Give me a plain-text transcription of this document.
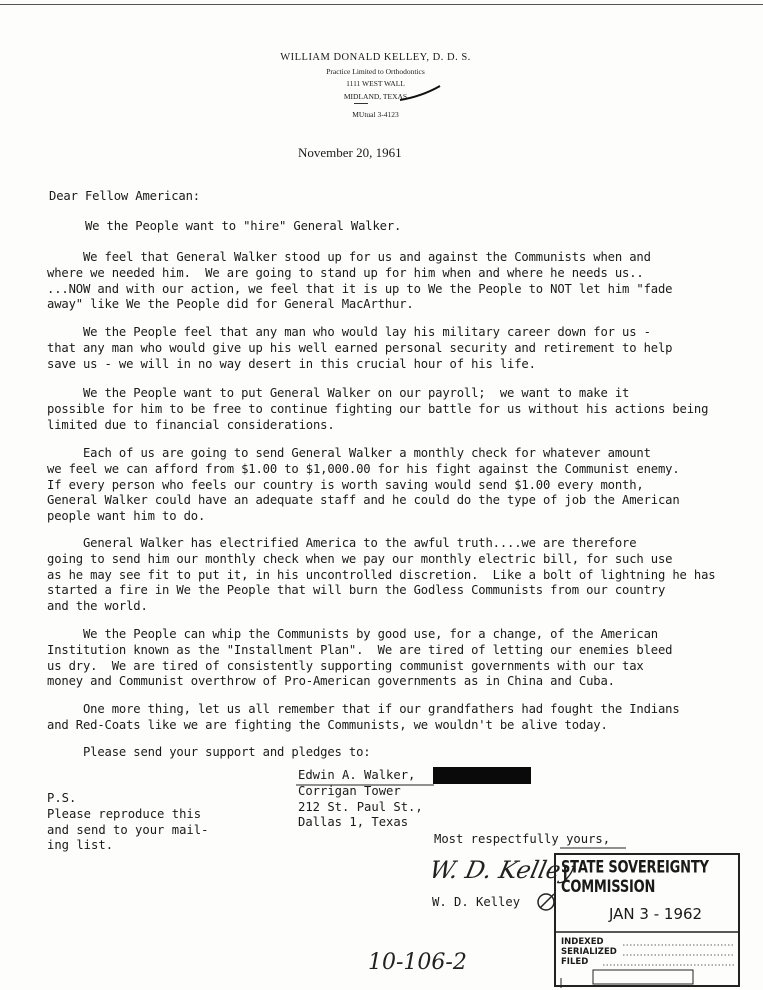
WILLIAM DONALD KELLEY, D. D. S.
Practice Limited to Orthodontics
1111 WEST WALL
MIDLAND, TEXAS
MUtual 3-4123
November 20, 1961
Dear Fellow American:
We the People want to "hire" General Walker.
We feel that General Walker stood up for us and against the Communists when and
where we needed him.  We are going to stand up for him when and where he needs us..
...NOW and with our action, we feel that it is up to We the People to NOT let him "fade
away" like We the People did for General MacArthur.
We the People feel that any man who would lay his military career down for us -
that any man who would give up his well earned personal security and retirement to help
save us - we will in no way desert in this crucial hour of his life.
We the People want to put General Walker on our payroll;  we want to make it
possible for him to be free to continue fighting our battle for us without his actions being
limited due to financial considerations.
Each of us are going to send General Walker a monthly check for whatever amount
we feel we can afford from $1.00 to $1,000.00 for his fight against the Communist enemy.
If every person who feels our country is worth saving would send $1.00 every month,
General Walker could have an adequate staff and he could do the type of job the American
people want him to do.
General Walker has electrified America to the awful truth....we are therefore
going to send him our monthly check when we pay our monthly electric bill, for such use
as he may see fit to put it, in his uncontrolled discretion.  Like a bolt of lightning he has
started a fire in We the People that will burn the Godless Communists from our country
and the world.
We the People can whip the Communists by good use, for a change, of the American
Institution known as the "Installment Plan".  We are tired of letting our enemies bleed
us dry.  We are tired of consistently supporting communist governments with our tax
money and Communist overthrow of Pro-American governments as in China and Cuba.
One more thing, let us all remember that if our grandfathers had fought the Indians
and Red-Coats like we are fighting the Communists, we wouldn't be alive today.
Please send your support and pledges to:
Edwin A. Walker,
Corrigan Tower
212 St. Paul St.,
Dallas 1, Texas
P.S.
Please reproduce this
and send to your mail-
ing list.	Most respectfully yours,
W. D. Kelley
W. D. Kelley
STATE SOVEREIGNTY COMMISSION
JAN 3 - 1962
INDEXED
SERIALIZED
FILED
10-106-2
